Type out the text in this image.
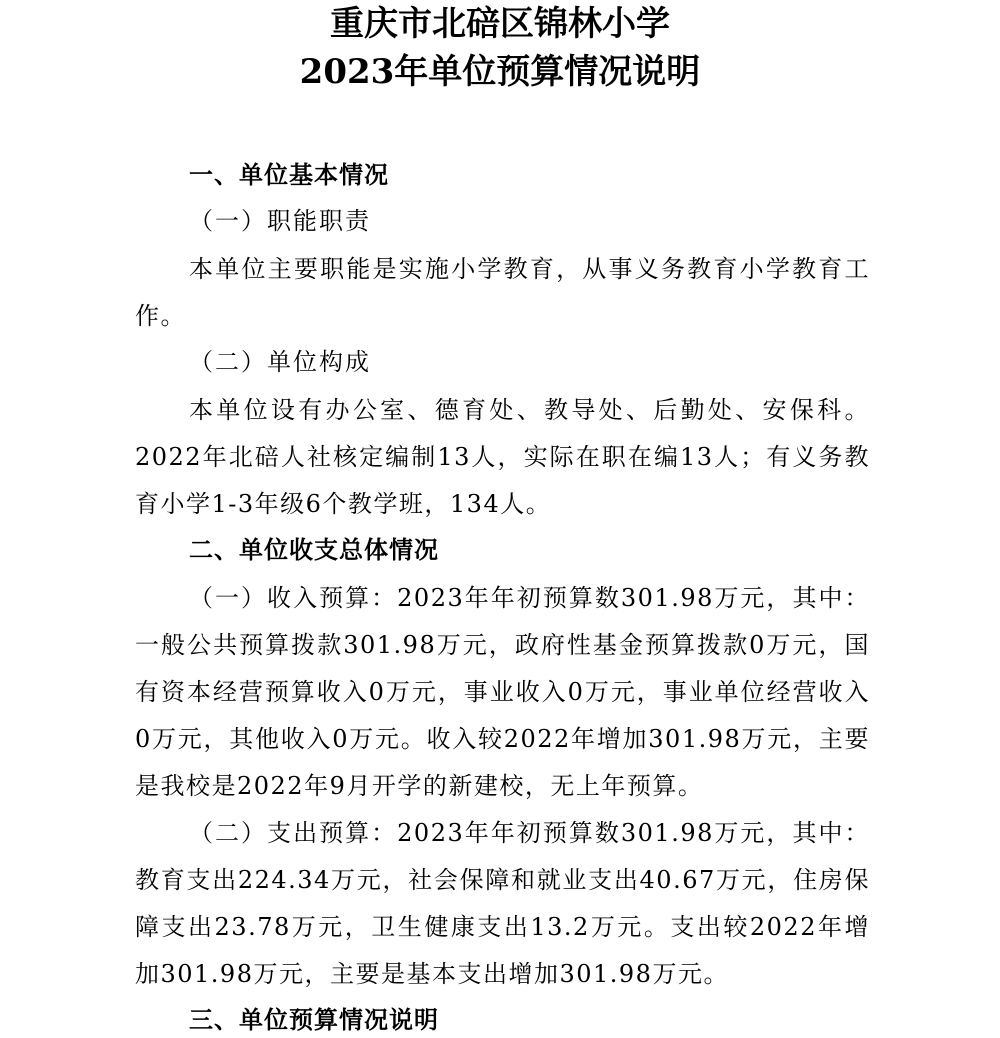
重庆市北碚区锦林小学
2023年单位预算情况说明
一、单位基本情况
（一）职能职责

本单位主要职能是实施小学教育，从事义务教育小学教育工作。

（二）单位构成

本单位设有办公室、德育处、教导处、后勤处、安保科。2022年北碚人社核定编制13人，实际在职在编13人；有义务教育小学1-3年级6个教学班，134人。

二、单位收支总体情况

（一）收入预算：2023年年初预算数301.98万元，其中：一般公共预算拨款301.98万元，政府性基金预算拨款0万元，国有资本经营预算收入0万元，事业收入0万元，事业单位经营收入0万元，其他收入0万元。收入较2022年增加301.98万元，主要是我校是2022年9月开学的新建校，无上年预算。

（二）支出预算：2023年年初预算数301.98万元，其中：教育支出224.34万元，社会保障和就业支出40.67万元，住房保障支出23.78万元，卫生健康支出13.2万元。支出较2022年增加301.98万元，主要是基本支出增加301.98万元。

三、单位预算情况说明
